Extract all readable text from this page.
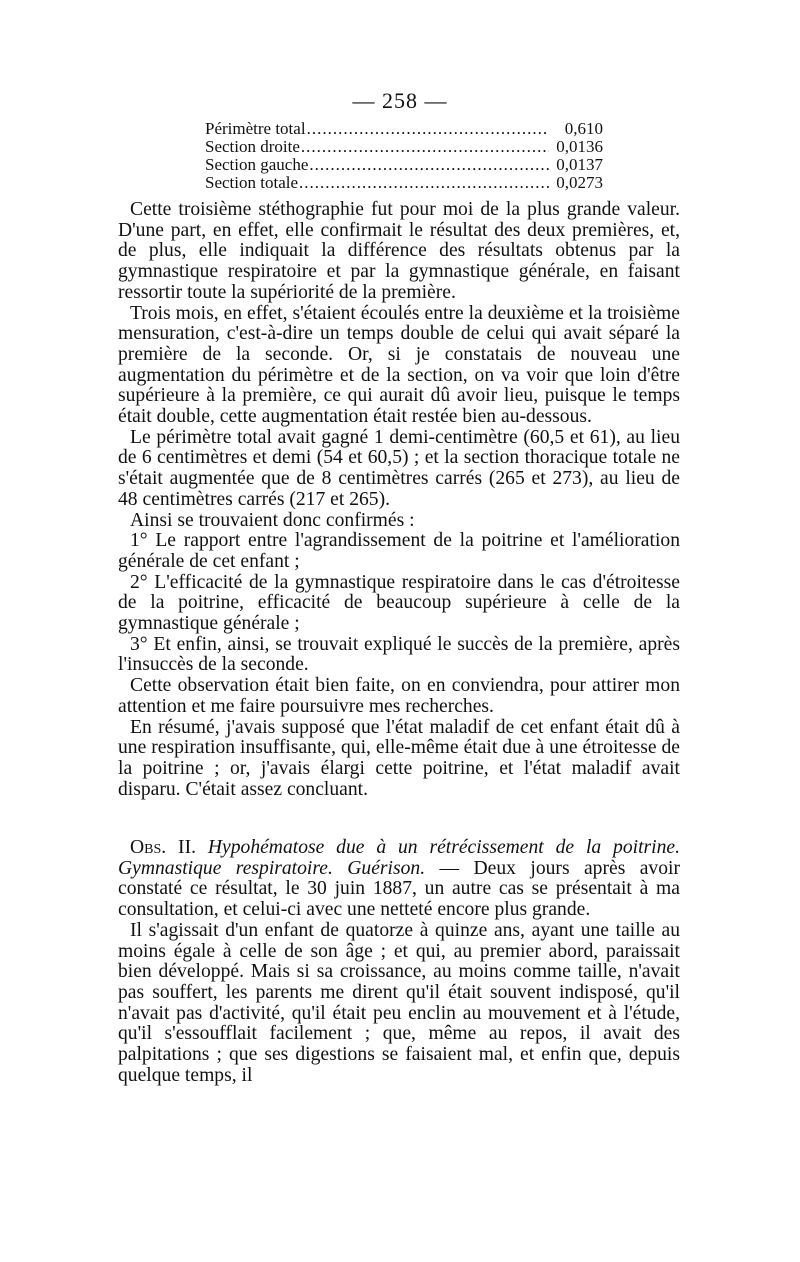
— 258 —
Périmètre total .....	0,610
Section droite .....	0,0136
Section gauche .....	0,0137
Section totale .....	0,0273

Cette troisième stéthographie fut pour moi de la plus grande valeur. D'une part, en effet, elle confirmait le résultat des deux premières, et, de plus, elle indiquait la différence des résultats obtenus par la gymnastique respiratoire et par la gymnastique générale, en faisant ressortir toute la supériorité de la première.

Trois mois, en effet, s'étaient écoulés entre la deuxième et la troisième mensuration, c'est-à-dire un temps double de celui qui avait séparé la première de la seconde. Or, si je constatais de nouveau une augmentation du périmètre et de la section, on va voir que loin d'être supérieure à la première, ce qui aurait dû avoir lieu, puisque le temps était double, cette augmentation était restée bien au-dessous.

Le périmètre total avait gagné 1 demi-centimètre (60,5 et 61), au lieu de 6 centimètres et demi (54 et 60,5) ; et la section thoracique totale ne s'était augmentée que de 8 centimètres carrés (265 et 273), au lieu de 48 centimètres carrés (217 et 265).

Ainsi se trouvaient donc confirmés :

1° Le rapport entre l'agrandissement de la poitrine et l'amélioration générale de cet enfant ;

2° L'efficacité de la gymnastique respiratoire dans le cas d'étroitesse de la poitrine, efficacité de beaucoup supérieure à celle de la gymnastique générale ;

3° Et enfin, ainsi, se trouvait expliqué le succès de la première, après l'insuccès de la seconde.

Cette observation était bien faite, on en conviendra, pour attirer mon attention et me faire poursuivre mes recherches.

En résumé, j'avais supposé que l'état maladif de cet enfant était dû à une respiration insuffisante, qui, elle-même était due à une étroitesse de la poitrine ; or, j'avais élargi cette poitrine, et l'état maladif avait disparu. C'était assez concluant.

Obs. II. Hypohématose due à un rétrécissement de la poitrine. Gymnastique respiratoire. Guérison. — Deux jours après avoir constaté ce résultat, le 30 juin 1887, un autre cas se présentait à ma consultation, et celui-ci avec une netteté encore plus grande.

Il s'agissait d'un enfant de quatorze à quinze ans, ayant une taille au moins égale à celle de son âge ; et qui, au premier abord, paraissait bien développé. Mais si sa croissance, au moins comme taille, n'avait pas souffert, les parents me dirent qu'il était souvent indisposé, qu'il n'avait pas d'activité, qu'il était peu enclin au mouvement et à l'étude, qu'il s'essoufflait facilement ; que, même au repos, il avait des palpitations ; que ses digestions se faisaient mal, et enfin que, depuis quelque temps, il
